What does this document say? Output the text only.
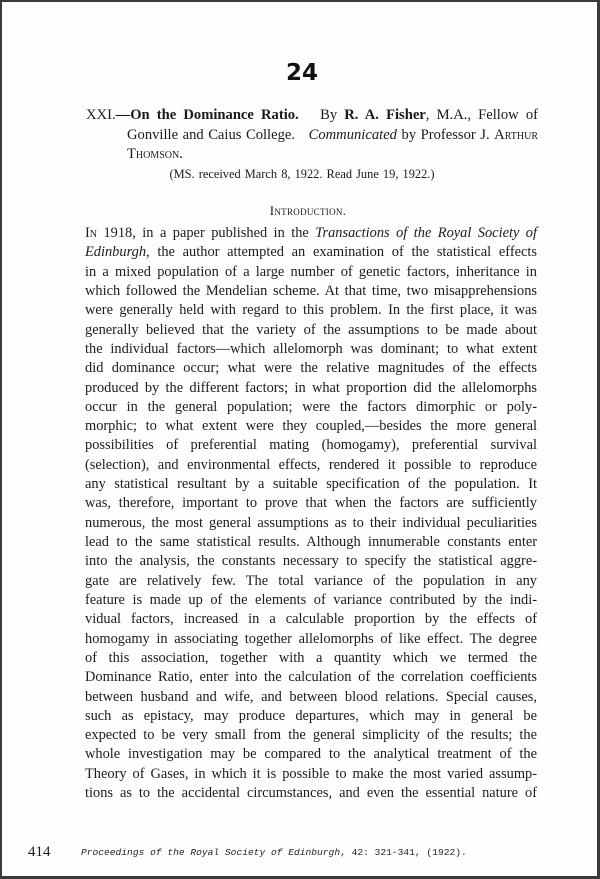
24
XXI.—On the Dominance Ratio. By R. A. Fisher, M.A., Fellow of
Gonville and Caius College. Communicated by Professor J. Arthur
Thomson.
(MS. received March 8, 1922. Read June 19, 1922.)
Introduction.
In 1918, in a paper published in the Transactions of the Royal Society of
Edinburgh, the author attempted an examination of the statistical effects
in a mixed population of a large number of genetic factors, inheritance in
which followed the Mendelian scheme. At that time, two misapprehensions
were generally held with regard to this problem. In the first place, it was
generally believed that the variety of the assumptions to be made about
the individual factors—which allelomorph was dominant; to what extent
did dominance occur; what were the relative magnitudes of the effects
produced by the different factors; in what proportion did the allelomorphs
occur in the general population; were the factors dimorphic or poly-
morphic; to what extent were they coupled,—besides the more general
possibilities of preferential mating (homogamy), preferential survival
(selection), and environmental effects, rendered it possible to reproduce
any statistical resultant by a suitable specification of the population. It
was, therefore, important to prove that when the factors are sufficiently
numerous, the most general assumptions as to their individual peculiarities
lead to the same statistical results. Although innumerable constants enter
into the analysis, the constants necessary to specify the statistical aggre-
gate are relatively few. The total variance of the population in any
feature is made up of the elements of variance contributed by the indi-
vidual factors, increased in a calculable proportion by the effects of
homogamy in associating together allelomorphs of like effect. The degree
of this association, together with a quantity which we termed the
Dominance Ratio, enter into the calculation of the correlation coefficients
between husband and wife, and between blood relations. Special causes,
such as epistacy, may produce departures, which may in general be
expected to be very small from the general simplicity of the results; the
whole investigation may be compared to the analytical treatment of the
Theory of Gases, in which it is possible to make the most varied assump-
tions as to the accidental circumstances, and even the essential nature of
414	Proceedings of the Royal Society of Edinburgh, 42: 321-341, (1922).
